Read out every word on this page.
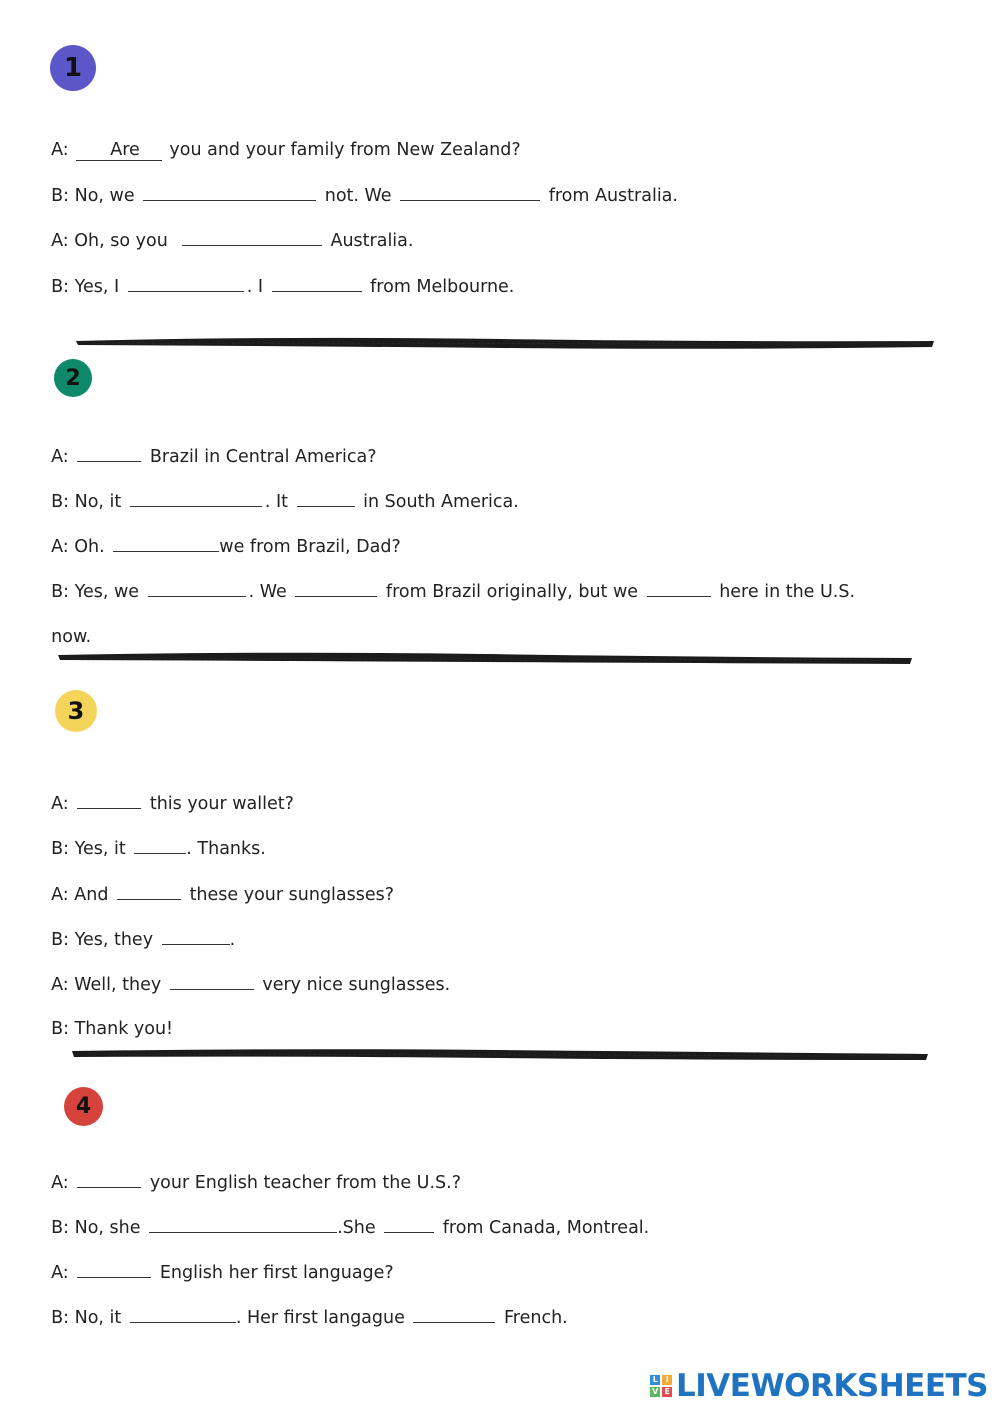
1
2
3
4

A: Are you and your family from New Zealand?

B: No, we	not. We	from Australia.

A: Oh, so you	Australia.

B: Yes, I	. I	from Melbourne.

A:	Brazil in Central America?

B: No, it	. It	in South America.

A: Oh.	we from Brazil, Dad?

B: Yes, we	. We	from Brazil originally, but we	here in the U.S.

now.

A:	this your wallet?

B: Yes, it	. Thanks.

A: And	these your sunglasses?

B: Yes, they	.

A: Well, they	very nice sunglasses.

B: Thank you!

A:	your English teacher from the U.S.?

B: No, she	.She	from Canada, Montreal.

A:	English her first language?

B: No, it	. Her first langague	French.

L	I
V E LIVEWORKSHEETS
